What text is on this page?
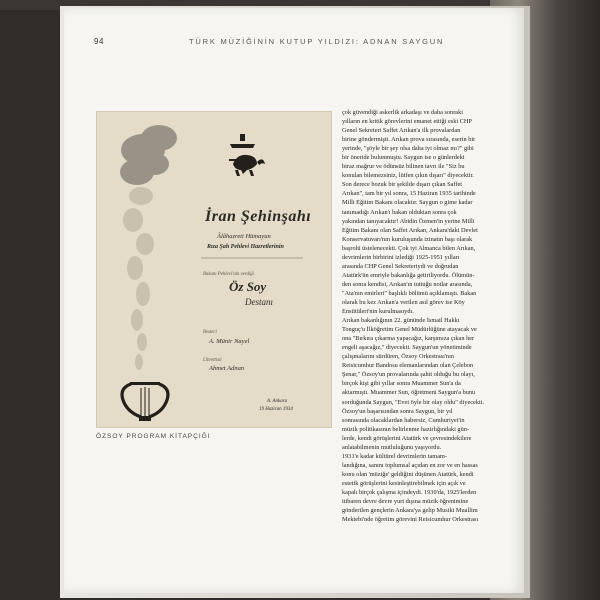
94	TÜRK MÜZİĞİNİN KUTUP YILDIZI: ADNAN SAYGUN
İran Şehinşahı
Âlâhazreti Hümayun
Rıza Şah Pehlevi Hazretlerinin
Bakanı Pehlevi'nin verdiği
Öz Soy
Destanı
Besteci
A. Münir Nayel
Librettisti
Ahmet Adnan
A. Ankara
19 Haziran 1934
ÖZSOY PROGRAM KİTAPÇIĞI
çok güvendiği askerlik arkadaşı ve daha sonraki
yılların en kritik görevlerini emanet ettiği eski CHP
Genel Sekreteri Saffet Arıkan'a ilk provalardan
birine göndermişti. Arıkan prova sırasında, eserin bir
yerinde, "şöyle bir şey olsa daha iyi olmaz mı?" gibi
bir öneride bulunmuştu. Saygun ise o günlerdeki
biraz mağrur ve ödünsüz bilinen tavrı ile "Siz bu
konulan bilemezsiniz, lütfen çıkın dışarı" diyecektir.
Son derece bozuk bir şekilde dışarı çıkan Saffet
Arıkan", tam bir yıl sonra, 15 Haziran 1935 tarihinde
Milli Eğitim Bakanı olacaktır. Saygun o gime kadar
tanımadığı Arıkan'ı bakan olduktan sonra çok
yakından tanıyacaktır! Abidin Özmen'in yerine Milli
Eğitim Bakanı olan Saffet Arıkan, Ankara'daki Devlet
Konservatuvarı'nın kuruluşunda izinatın başı olarak
başrolü üstelenecekti. Çok iyi Almanca bilen Arıkan,
devrimlerin birbirini izlediği 1925-1951 yılları
arasında CHP Genel Sekreteriydi ve doğrudan
Atatürk'ün emriyle bakanlığa getiriliyordu. Ölümün-
den sonra kendisi, Arıkan'ın tuttuğu notlar arasında,
"Ata'nın emirleri" başlıklı bölümü açıklamıştı. Bakan
olarak bu kez Arıkan'a verilen asıl görev ise Köy
Enstitüleri'nin kurulmasıydı.
Arıkan bakanlığının 22. gününde İsmail Hakkı
Tonguç'u İlköğretim Genel Müdürlüğüne atayacak ve
ona "Bırkıra çıkarma yapacağız, karşımıza çıkan her
engeli aşacağız," diyecekti. Saygun'un yönetiminde
çalışmalarını sürdüren, Özsoy Orkestrası'nın
Reisicumhur Bandosu elemanlarından olan Çelebon
Şenar," Özsoy'un provalarında şahit olduğu bu olayı,
birçok kişi gibi yıllar sonra Muammer Sun'a da
aktarmıştı. Muammer Sun, öğretmeni Saygun'a bunu
sorduğunda Saygun, "Evet öyle bir olay oldu" diyecekti.
Özsoy'un başarısından sonra Saygun, bir yıl
sonrasında olacaklardan habersiz, Cumhuriyet'in
müzik politikasının belirlenme hazirlığındaki gün-
lerde, kendi görüşlerini Atatürk ve çevresindekilere
anlatabilmenin mutluluğunu yaşıyordu.
1931'e kadar kültürel devrimlerin tamam-
landığına, sanını toplumsal açıdan en zor ve en hassas
konu olan 'müziğe' geldiğini düşünen Atatürk, kendi
estetik görüşlerini kesinleştirebilmek için açık ve
kapalı birçok çalışma içindeydi. 1930'da, 1925'lerden
itibaren devre devre yurt dışına müzik öğrenimine
gönderilen gençlerin Ankara'ya gelip Musiki Muallim
Mektebi'nde öğretim görevini Reisicumhur Orkestrası
